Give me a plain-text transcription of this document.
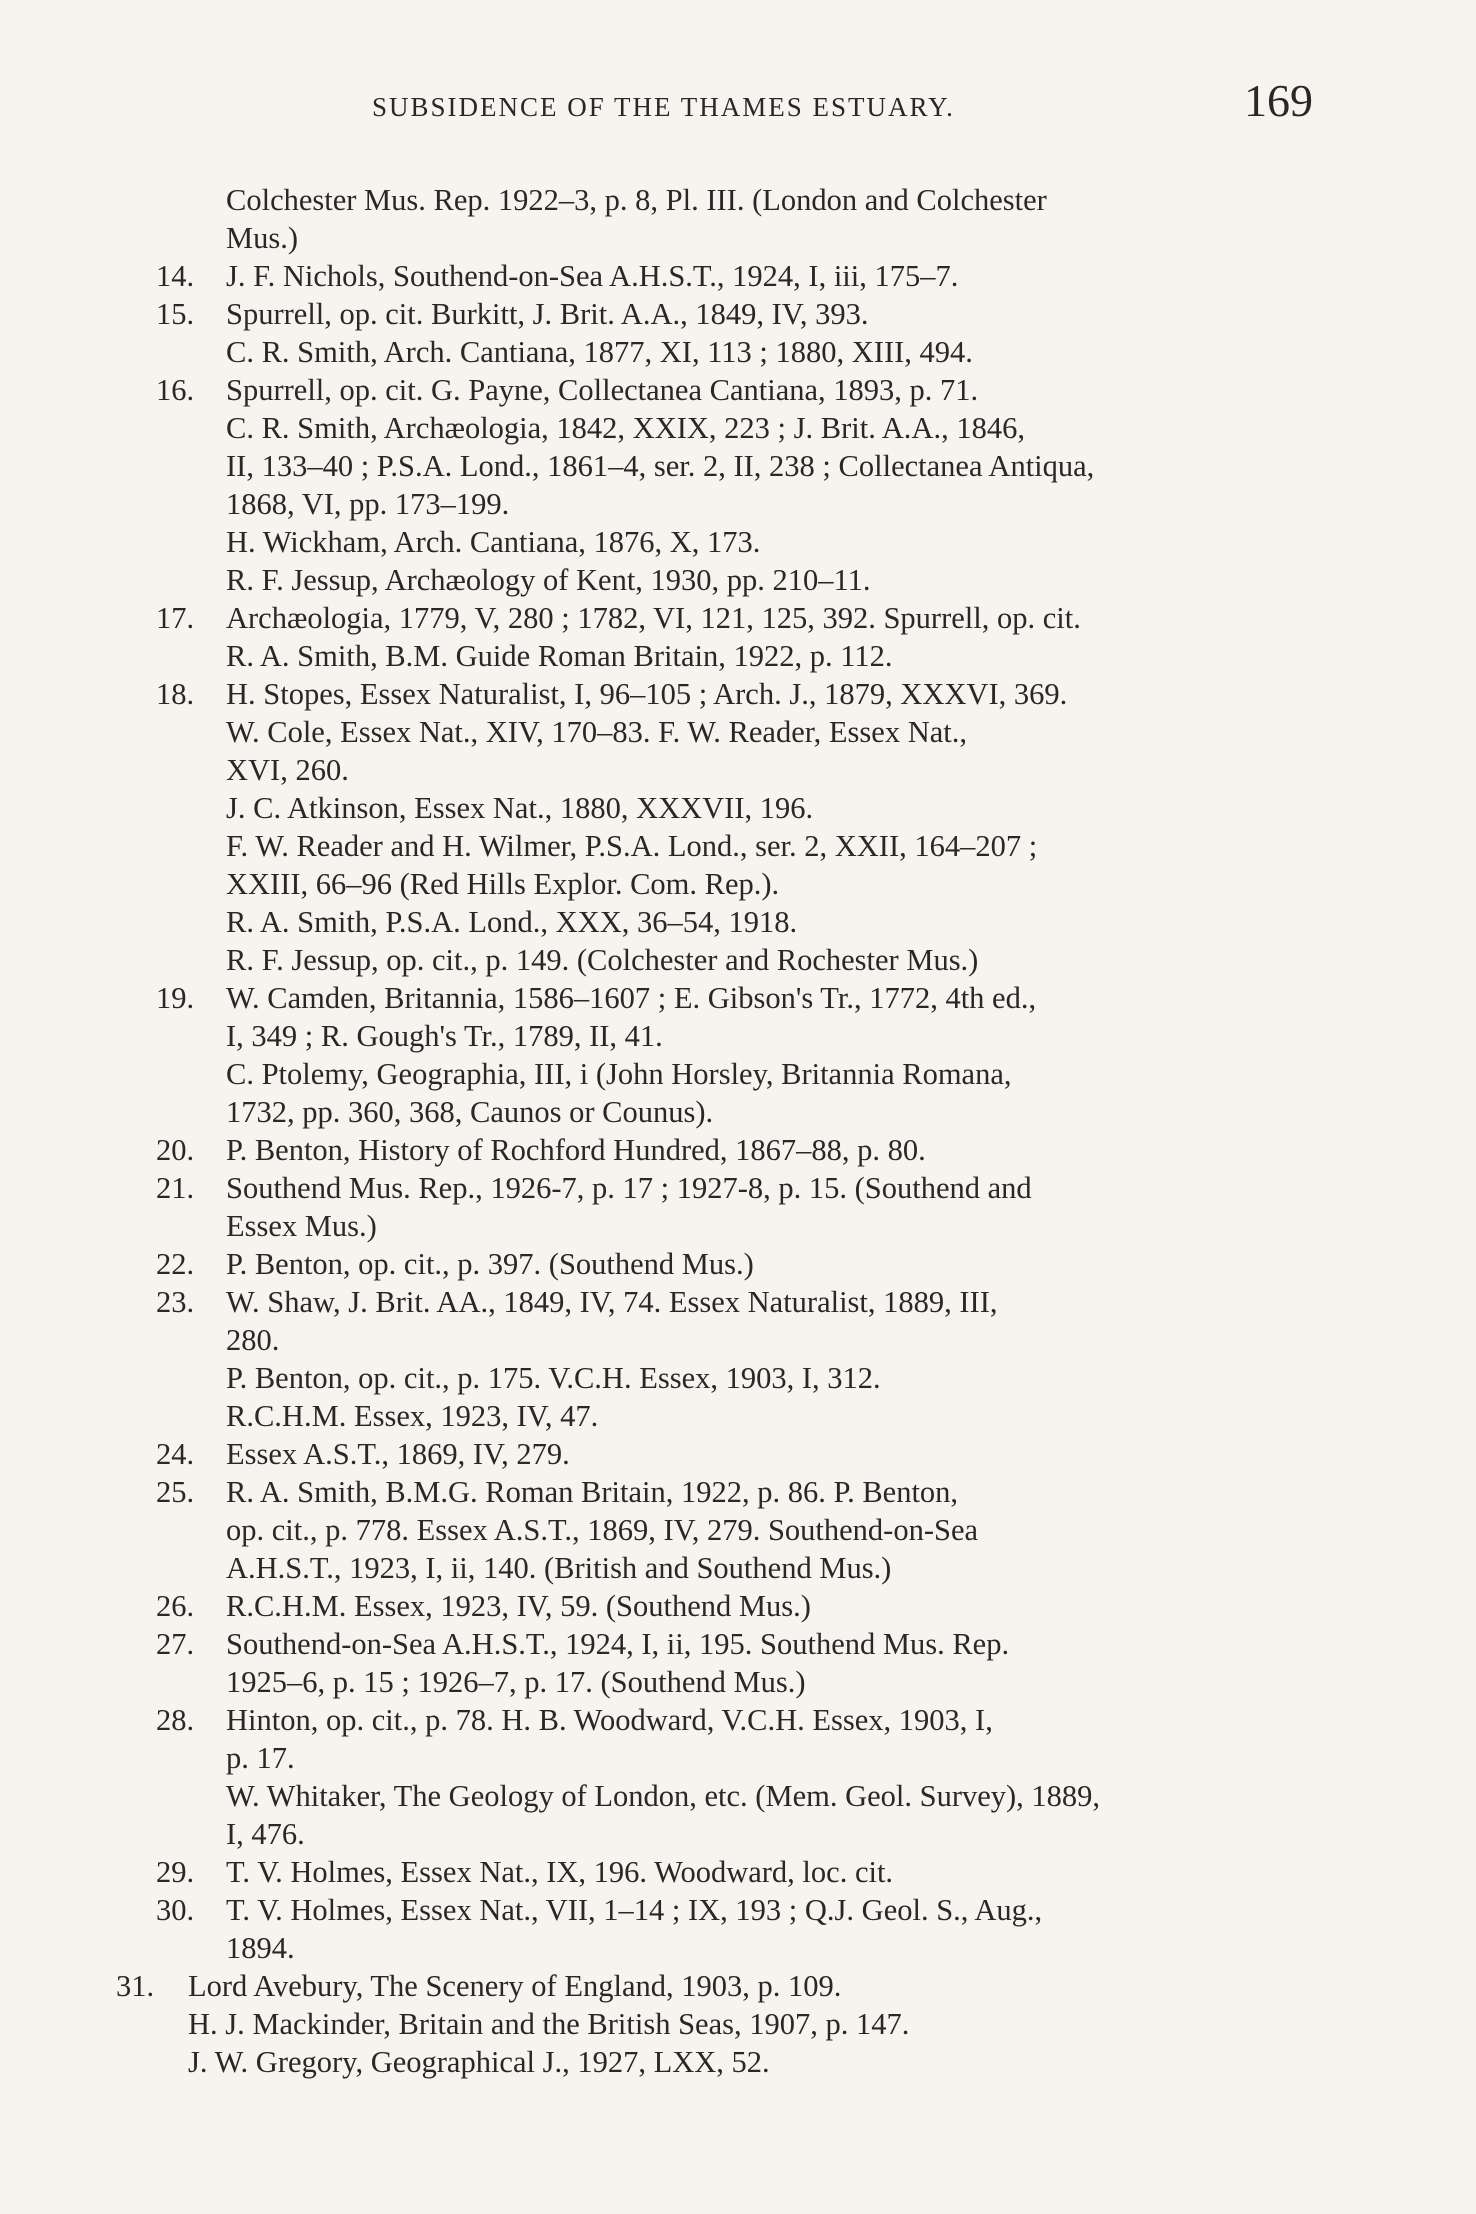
SUBSIDENCE OF THE THAMES ESTUARY.	169
Colchester Mus. Rep. 1922–3, p. 8, Pl. III. (London and Colchester
Mus.)
14. J. F. Nichols, Southend-on-Sea A.H.S.T., 1924, I, iii, 175–7.
15. Spurrell, op. cit. Burkitt, J. Brit. A.A., 1849, IV, 393.
C. R. Smith, Arch. Cantiana, 1877, XI, 113 ; 1880, XIII, 494.
16. Spurrell, op. cit. G. Payne, Collectanea Cantiana, 1893, p. 71.
C. R. Smith, Archæologia, 1842, XXIX, 223 ; J. Brit. A.A., 1846,
II, 133–40 ; P.S.A. Lond., 1861–4, ser. 2, II, 238 ; Collectanea Antiqua,
1868, VI, pp. 173–199.
H. Wickham, Arch. Cantiana, 1876, X, 173.
R. F. Jessup, Archæology of Kent, 1930, pp. 210–11.
17. Archæologia, 1779, V, 280 ; 1782, VI, 121, 125, 392. Spurrell, op. cit.
R. A. Smith, B.M. Guide Roman Britain, 1922, p. 112.
18. H. Stopes, Essex Naturalist, I, 96–105 ; Arch. J., 1879, XXXVI, 369.
W. Cole, Essex Nat., XIV, 170–83. F. W. Reader, Essex Nat.,
XVI, 260.
J. C. Atkinson, Essex Nat., 1880, XXXVII, 196.
F. W. Reader and H. Wilmer, P.S.A. Lond., ser. 2, XXII, 164–207 ;
XXIII, 66–96 (Red Hills Explor. Com. Rep.).
R. A. Smith, P.S.A. Lond., XXX, 36–54, 1918.
R. F. Jessup, op. cit., p. 149. (Colchester and Rochester Mus.)
19. W. Camden, Britannia, 1586–1607 ; E. Gibson's Tr., 1772, 4th ed.,
I, 349 ; R. Gough's Tr., 1789, II, 41.
C. Ptolemy, Geographia, III, i (John Horsley, Britannia Romana,
1732, pp. 360, 368, Caunos or Counus).
20. P. Benton, History of Rochford Hundred, 1867–88, p. 80.
21. Southend Mus. Rep., 1926-7, p. 17 ; 1927-8, p. 15. (Southend and
Essex Mus.)
22. P. Benton, op. cit., p. 397. (Southend Mus.)
23. W. Shaw, J. Brit. AA., 1849, IV, 74. Essex Naturalist, 1889, III,
280.
P. Benton, op. cit., p. 175. V.C.H. Essex, 1903, I, 312.
R.C.H.M. Essex, 1923, IV, 47.
24. Essex A.S.T., 1869, IV, 279.
25. R. A. Smith, B.M.G. Roman Britain, 1922, p. 86. P. Benton,
op. cit., p. 778. Essex A.S.T., 1869, IV, 279. Southend-on-Sea
A.H.S.T., 1923, I, ii, 140. (British and Southend Mus.)
26. R.C.H.M. Essex, 1923, IV, 59. (Southend Mus.)
27. Southend-on-Sea A.H.S.T., 1924, I, ii, 195. Southend Mus. Rep.
1925–6, p. 15 ; 1926–7, p. 17. (Southend Mus.)
28. Hinton, op. cit., p. 78. H. B. Woodward, V.C.H. Essex, 1903, I,
p. 17.
W. Whitaker, The Geology of London, etc. (Mem. Geol. Survey), 1889,
I, 476.
29. T. V. Holmes, Essex Nat., IX, 196. Woodward, loc. cit.
30. T. V. Holmes, Essex Nat., VII, 1–14 ; IX, 193 ; Q.J. Geol. S., Aug.,
1894.
31. Lord Avebury, The Scenery of England, 1903, p. 109.
H. J. Mackinder, Britain and the British Seas, 1907, p. 147.
J. W. Gregory, Geographical J., 1927, LXX, 52.
